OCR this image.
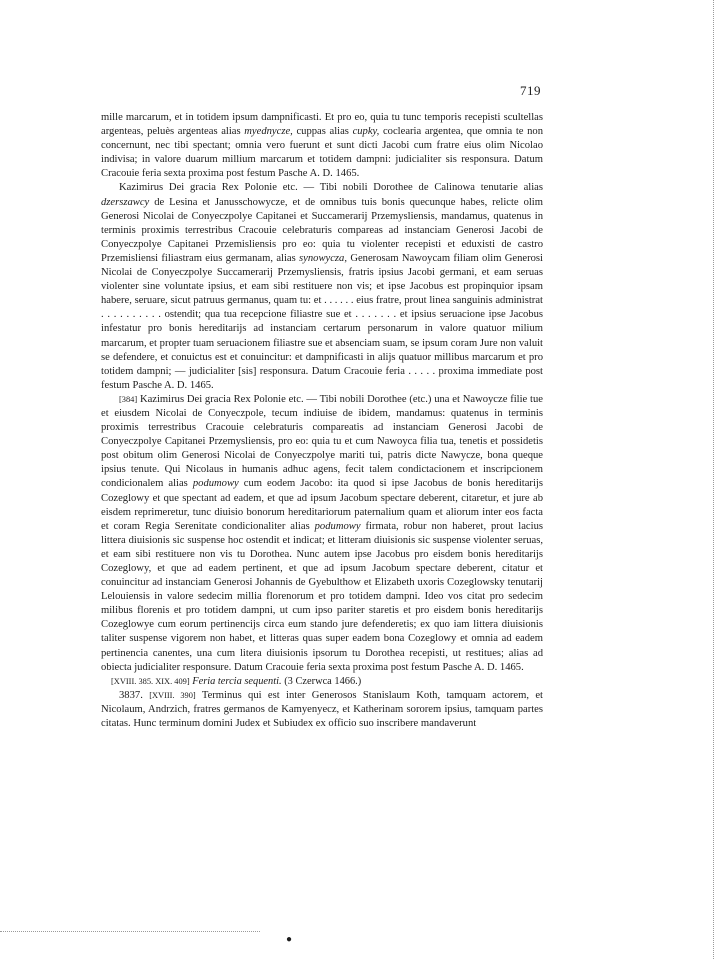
719

mille marcarum, et in totidem ipsum dampnificasti. Et pro eo, quia tu tunc temporis recepisti scultellas argenteas, peluès argenteas alias myednycze, cuppas alias cupky, coclearia argentea, que omnia te non concernunt, nec tibi spectant; omnia vero fuerunt et sunt dicti Jacobi cum fratre eius olim Nicolao indivisa; in valore duarum millium marcarum et totidem dampni: judicialiter sis responsura. Datum Cracouie feria sexta proxima post festum Pasche A. D. 1465.

Kazimirus Dei gracia Rex Polonie etc. — Tibi nobili Dorothee de Calinowa tenutarie alias dzerszawcy de Lesina et Janusschowycze, et de omnibus tuis bonis quecunque habes, relicte olim Generosi Nicolai de Conyeczpolye Capitanei et Succamerarij Przemysliensis, mandamus, quatenus in terminis proximis terrestribus Cracouie celebraturis compareas ad instanciam Generosi Jacobi de Conyeczpolye Capitanei Przemisliensis pro eo: quia tu violenter recepisti et eduxisti de castro Przemisliensi filiastram eius germanam, alias synowycza, Generosam Nawoycam filiam olim Generosi Nicolai de Conyeczpolye Succamerarij Przemysliensis, fratris ipsius Jacobi germani, et eam seruas violenter sine voluntate ipsius, et eam sibi restituere non vis; et ipse Jacobus est propinquior ipsam habere, seruare, sicut patruus germanus, quam tu: et . . . . . . eius fratre, prout linea sanguinis administrat . . . . . . . . . . ostendit; qua tua recepcione filiastre sue et . . . . . . . et ipsius seruacione ipse Jacobus infestatur pro bonis hereditarijs ad instanciam certarum personarum in valore quatuor milium marcarum, et propter tuam seruacionem filiastre sue et absenciam suam, se ipsum coram Jure non valuit se defendere, et conuictus est et conuincitur: et dampnificasti in alijs quatuor millibus marcarum et pro totidem dampni; — judicialiter [sis] responsura. Datum Cracouie feria . . . . . proxima immediate post festum Pasche A. D. 1465.

[384] Kazimirus Dei gracia Rex Polonie etc. — Tibi nobili Dorothee (etc.) una et Nawoycze filie tue et eiusdem Nicolai de Conyeczpole, tecum indiuise de ibidem, mandamus: quatenus in terminis proximis terrestribus Cracouie celebraturis compareatis ad instanciam Generosi Jacobi de Conyeczpolye Capitanei Przemysliensis, pro eo: quia tu et cum Nawoyca filia tua, tenetis et possidetis post obitum olim Generosi Nicolai de Conyeczpolye mariti tui, patris dicte Nawycze, bona queque ipsius tenute. Qui Nicolaus in humanis adhuc agens, fecit talem condictacionem et inscripcionem condicionalem alias podumowy cum eodem Jacobo: ita quod si ipse Jacobus de bonis hereditarijs Cozeglowy et que spectant ad eadem, et que ad ipsum Jacobum spectare deberent, citaretur, et jure ab eisdem reprimeretur, tunc diuisio bonorum hereditariorum paternalium quam et aliorum inter eos facta et coram Regia Serenitate condicionaliter alias podumowy firmata, robur non haberet, prout lacius littera diuisionis sic suspense hoc ostendit et indicat; et litteram diuisionis sic suspense violenter seruas, et eam sibi restituere non vis tu Dorothea. Nunc autem ipse Jacobus pro eisdem bonis hereditarijs Cozeglowy, et que ad eadem pertinent, et que ad ipsum Jacobum spectare deberent, citatur et conuincitur ad instanciam Generosi Johannis de Gyebulthow et Elizabeth uxoris Cozeglowsky tenutarij Lelouiensis in valore sedecim millia florenorum et pro totidem dampni. Ideo vos citat pro sedecim milibus florenis et pro totidem dampni, ut cum ipso pariter staretis et pro eisdem bonis hereditarijs Cozeglowye cum eorum pertinencijs circa eum stando jure defenderetis; ex quo iam littera diuisionis taliter suspense vigorem non habet, et litteras quas super eadem bona Cozeglowy et omnia ad eadem pertinencia canentes, una cum litera diuisionis ipsorum tu Dorothea recepisti, ut restitues; alias ad obiecta judicialiter responsure. Datum Cracouie feria sexta proxima post festum Pasche A. D. 1465.

[XVIII. 385. XIX. 409] Feria tercia sequenti. (3 Czerwca 1466.)

3837. [XVIII. 390] Terminus qui est inter Generosos Stanislaum Koth, tamquam actorem, et Nicolaum, Andrzich, fratres germanos de Kamyenyecz, et Katherinam sororem ipsius, tamquam partes citatas. Hunc terminum domini Judex et Subiudex ex officio suo inscribere mandaverunt

●
